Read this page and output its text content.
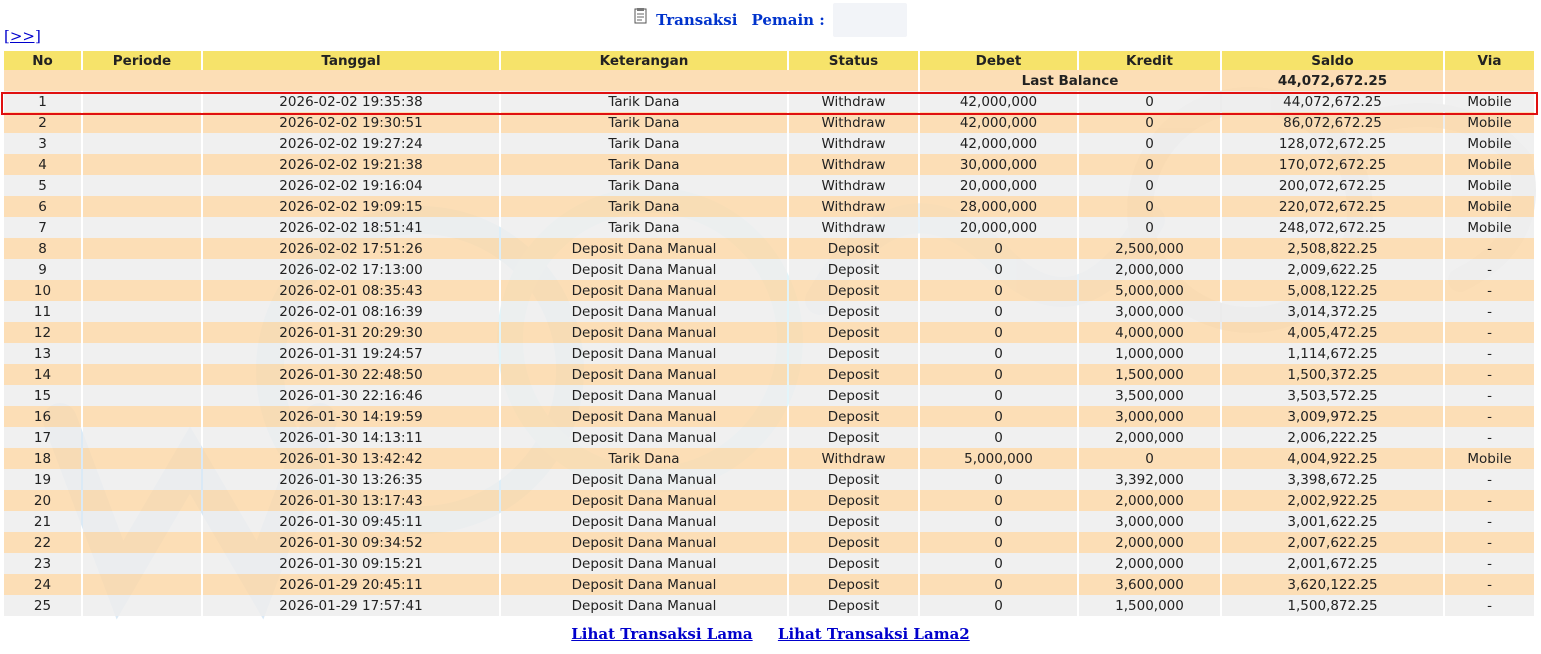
Transaksi Pemain :
[>>]
No	Periode	Tanggal	Keterangan	Status	Debet	Kredit	Saldo	Via
					Last Balance		44,072,672.25	
1		2026-02-02 19:35:38	Tarik Dana	Withdraw	42,000,000	0	44,072,672.25	Mobile
2		2026-02-02 19:30:51	Tarik Dana	Withdraw	42,000,000	0	86,072,672.25	Mobile
3		2026-02-02 19:27:24	Tarik Dana	Withdraw	42,000,000	0	128,072,672.25	Mobile
4		2026-02-02 19:21:38	Tarik Dana	Withdraw	30,000,000	0	170,072,672.25	Mobile
5		2026-02-02 19:16:04	Tarik Dana	Withdraw	20,000,000	0	200,072,672.25	Mobile
6		2026-02-02 19:09:15	Tarik Dana	Withdraw	28,000,000	0	220,072,672.25	Mobile
7		2026-02-02 18:51:41	Tarik Dana	Withdraw	20,000,000	0	248,072,672.25	Mobile
8		2026-02-02 17:51:26	Deposit Dana Manual	Deposit	0	2,500,000	2,508,822.25	-
9		2026-02-02 17:13:00	Deposit Dana Manual	Deposit	0	2,000,000	2,009,622.25	-
10		2026-02-01 08:35:43	Deposit Dana Manual	Deposit	0	5,000,000	5,008,122.25	-
11		2026-02-01 08:16:39	Deposit Dana Manual	Deposit	0	3,000,000	3,014,372.25	-
12		2026-01-31 20:29:30	Deposit Dana Manual	Deposit	0	4,000,000	4,005,472.25	-
13		2026-01-31 19:24:57	Deposit Dana Manual	Deposit	0	1,000,000	1,114,672.25	-
14		2026-01-30 22:48:50	Deposit Dana Manual	Deposit	0	1,500,000	1,500,372.25	-
15		2026-01-30 22:16:46	Deposit Dana Manual	Deposit	0	3,500,000	3,503,572.25	-
16		2026-01-30 14:19:59	Deposit Dana Manual	Deposit	0	3,000,000	3,009,972.25	-
17		2026-01-30 14:13:11	Deposit Dana Manual	Deposit	0	2,000,000	2,006,222.25	-
18		2026-01-30 13:42:42	Tarik Dana	Withdraw	5,000,000	0	4,004,922.25	Mobile
19		2026-01-30 13:26:35	Deposit Dana Manual	Deposit	0	3,392,000	3,398,672.25	-
20		2026-01-30 13:17:43	Deposit Dana Manual	Deposit	0	2,000,000	2,002,922.25	-
21		2026-01-30 09:45:11	Deposit Dana Manual	Deposit	0	3,000,000	3,001,622.25	-
22		2026-01-30 09:34:52	Deposit Dana Manual	Deposit	0	2,000,000	2,007,622.25	-
23		2026-01-30 09:15:21	Deposit Dana Manual	Deposit	0	2,000,000	2,001,672.25	-
24		2026-01-29 20:45:11	Deposit Dana Manual	Deposit	0	3,600,000	3,620,122.25	-
25		2026-01-29 17:57:41	Deposit Dana Manual	Deposit	0	1,500,000	1,500,872.25	-
Lihat Transaksi Lama Lihat Transaksi Lama2
